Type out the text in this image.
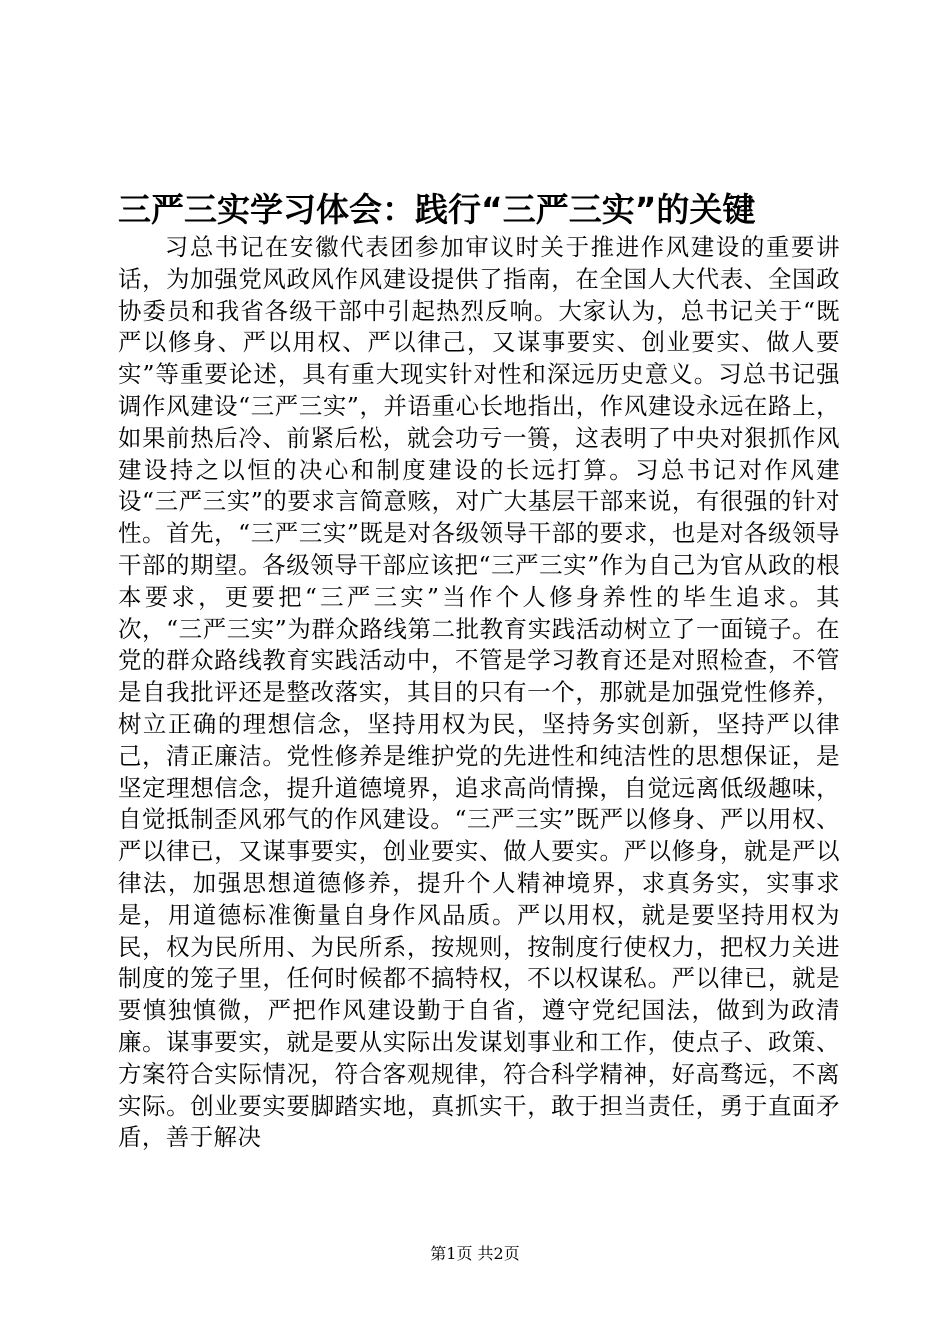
三严三实学习体会：践行“三严三实”的关键

习总书记在安徽代表团参加审议时关于推进作风建设的重要讲话，为加强党风政风作风建设提供了指南，在全国人大代表、全国政协委员和我省各级干部中引起热烈反响。大家认为，总书记关于“既严以修身、严以用权、严以律己，又谋事要实、创业要实、做人要实”等重要论述，具有重大现实针对性和深远历史意义。习总书记强调作风建设“三严三实”，并语重心长地指出，作风建设永远在路上，如果前热后冷、前紧后松，就会功亏一篑，这表明了中央对狠抓作风建设持之以恒的决心和制度建设的长远打算。习总书记对作风建设“三严三实”的要求言简意赅，对广大基层干部来说，有很强的针对性。首先，“三严三实”既是对各级领导干部的要求，也是对各级领导干部的期望。各级领导干部应该把“三严三实”作为自己为官从政的根本要求，更要把“三严三实”当作个人修身养性的毕生追求。其次，“三严三实”为群众路线第二批教育实践活动树立了一面镜子。在党的群众路线教育实践活动中，不管是学习教育还是对照检查，不管是自我批评还是整改落实，其目的只有一个，那就是加强党性修养，树立正确的理想信念，坚持用权为民，坚持务实创新，坚持严以律己，清正廉洁。党性修养是维护党的先进性和纯洁性的思想保证，是坚定理想信念，提升道德境界，追求高尚情操，自觉远离低级趣味，自觉抵制歪风邪气的作风建设。“三严三实”既严以修身、严以用权、严以律已，又谋事要实，创业要实、做人要实。严以修身，就是严以律法，加强思想道德修养，提升个人精神境界，求真务实，实事求是，用道德标准衡量自身作风品质。严以用权，就是要坚持用权为民，权为民所用、为民所系，按规则，按制度行使权力，把权力关进制度的笼子里，任何时候都不搞特权，不以权谋私。严以律已，就是要慎独慎微，严把作风建设勤于自省，遵守党纪国法，做到为政清廉。谋事要实，就是要从实际出发谋划事业和工作，使点子、政策、方案符合实际情况，符合客观规律，符合科学精神，好高骛远，不离实际。创业要实要脚踏实地，真抓实干，敢于担当责任，勇于直面矛盾，善于解决

第1页 共2页
